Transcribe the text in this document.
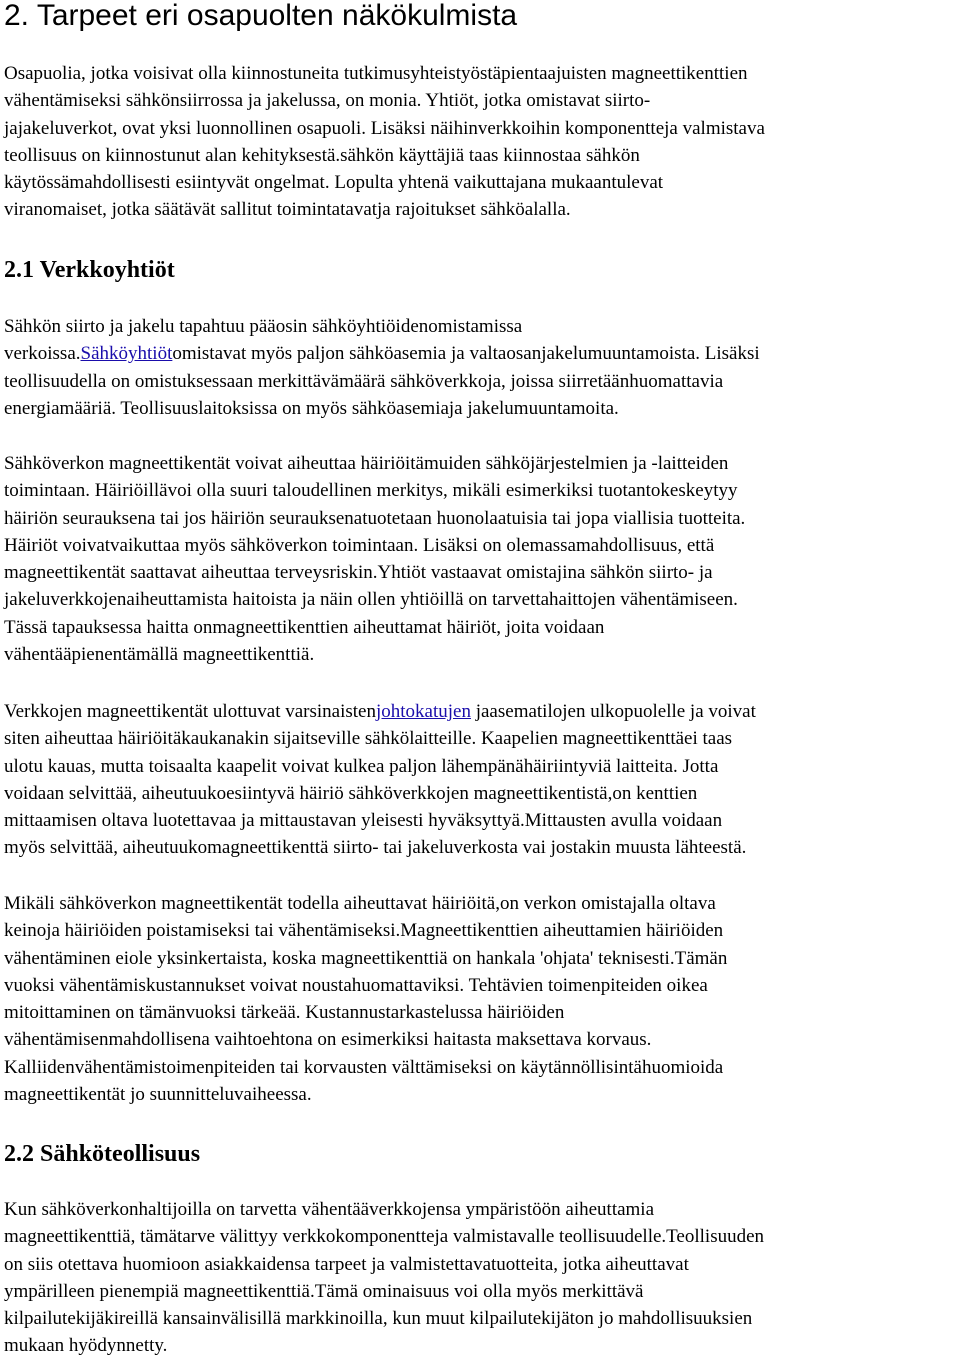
2. Tarpeet eri osapuolten näkökulmista
Osapuolia, jotka voisivat olla kiinnostuneita tutkimusyhteistyöstäpientaajuisten magneettikenttien
vähentämiseksi sähkönsiirrossa ja jakelussa, on monia. Yhtiöt, jotka omistavat siirto-
jajakeluverkot, ovat yksi luonnollinen osapuoli. Lisäksi näihinverkkoihin komponentteja valmistava
teollisuus on kiinnostunut alan kehityksestä.sähkön käyttäjiä taas kiinnostaa sähkön
käytössämahdollisesti esiintyvät ongelmat. Lopulta yhtenä vaikuttajana mukaantulevat
viranomaiset, jotka säätävät sallitut toimintatavatja rajoitukset sähköalalla.
2.1 Verkkoyhtiöt
Sähkön siirto ja jakelu tapahtuu pääosin sähköyhtiöidenomistamissa
verkoissa.Sähköyhtiötomistavat myös paljon sähköasemia ja valtaosanjakelumuuntamoista. Lisäksi
teollisuudella on omistuksessaan merkittävämäärä sähköverkkoja, joissa siirretäänhuomattavia
energiamääriä. Teollisuuslaitoksissa on myös sähköasemiaja jakelumuuntamoita.
Sähköverkon magneettikentät voivat aiheuttaa häiriöitämuiden sähköjärjestelmien ja -laitteiden
toimintaan. Häiriöillävoi olla suuri taloudellinen merkitys, mikäli esimerkiksi tuotantokeskeytyy
häiriön seurauksena tai jos häiriön seurauksenatuotetaan huonolaatuisia tai jopa viallisia tuotteita.
Häiriöt voivatvaikuttaa myös sähköverkon toimintaan. Lisäksi on olemassamahdollisuus, että
magneettikentät saattavat aiheuttaa terveysriskin.Yhtiöt vastaavat omistajina sähkön siirto- ja
jakeluverkkojenaiheuttamista haitoista ja näin ollen yhtiöillä on tarvettahaittojen vähentämiseen.
Tässä tapauksessa haitta onmagneettikenttien aiheuttamat häiriöt, joita voidaan
vähentääpienentämällä magneettikenttiä.
Verkkojen magneettikentät ulottuvat varsinaistenjohtokatujen jaasematilojen ulkopuolelle ja voivat
siten aiheuttaa häiriöitäkaukanakin sijaitseville sähkölaitteille. Kaapelien magneettikenttäei taas
ulotu kauas, mutta toisaalta kaapelit voivat kulkea paljon lähempänähäiriintyviä laitteita. Jotta
voidaan selvittää, aiheutuukoesiintyvä häiriö sähköverkkojen magneettikentistä,on kenttien
mittaamisen oltava luotettavaa ja mittaustavan yleisesti hyväksyttyä.Mittausten avulla voidaan
myös selvittää, aiheutuukomagneettikenttä siirto- tai jakeluverkosta vai jostakin muusta lähteestä.
Mikäli sähköverkon magneettikentät todella aiheuttavat häiriöitä,on verkon omistajalla oltava
keinoja häiriöiden poistamiseksi tai vähentämiseksi.Magneettikenttien aiheuttamien häiriöiden
vähentäminen eiole yksinkertaista, koska magneettikenttiä on hankala 'ohjata' teknisesti.Tämän
vuoksi vähentämiskustannukset voivat noustahuomattaviksi. Tehtävien toimenpiteiden oikea
mitoittaminen on tämänvuoksi tärkeää. Kustannustarkastelussa häiriöiden
vähentämisenmahdollisena vaihtoehtona on esimerkiksi haitasta maksettava korvaus.
Kalliidenvähentämistoimenpiteiden tai korvausten välttämiseksi on käytännöllisintähuomioida
magneettikentät jo suunnitteluvaiheessa.
2.2 Sähköteollisuus
Kun sähköverkonhaltijoilla on tarvetta vähentääverkkojensa ympäristöön aiheuttamia
magneettikenttiä, tämätarve välittyy verkkokomponentteja valmistavalle teollisuudelle.Teollisuuden
on siis otettava huomioon asiakkaidensa tarpeet ja valmistettavatuotteita, jotka aiheuttavat
ympärilleen pienempiä magneettikenttiä.Tämä ominaisuus voi olla myös merkittävä
kilpailutekijäkireillä kansainvälisillä markkinoilla, kun muut kilpailutekijäton jo mahdollisuuksien
mukaan hyödynnetty.
